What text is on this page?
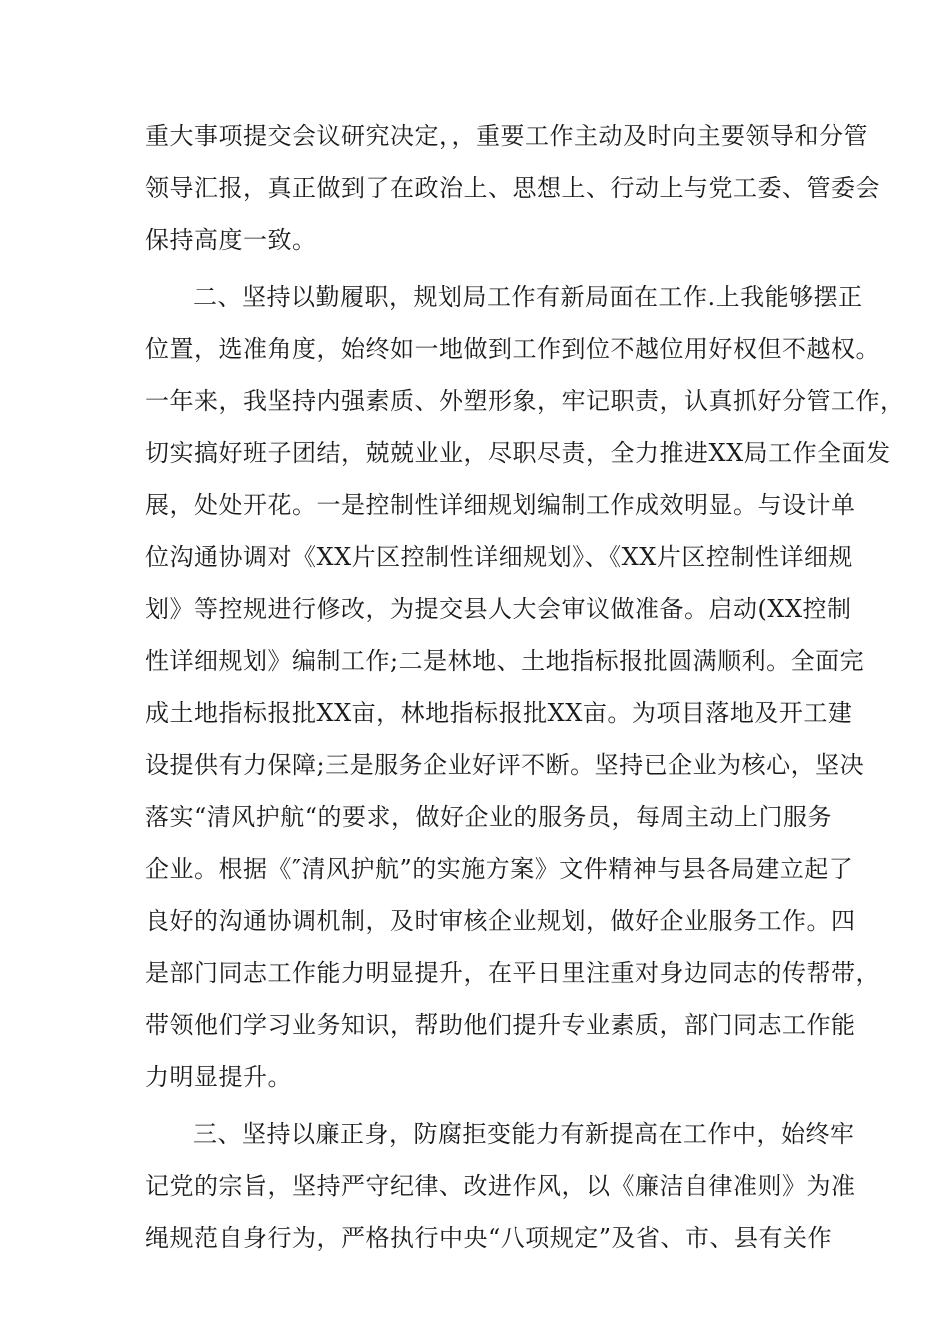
重大事项提交会议研究决定，，重要工作主动及时向主要领导和分管
领导汇报，真正做到了在政治上、思想上、行动上与党工委、管委会
保持高度一致。
二、坚持以勤履职，规划局工作有新局面在工作.上我能够摆正
位置，选准角度，始终如一地做到工作到位不越位用好权但不越权。
一年来，我坚持内强素质、外塑形象，牢记职责，认真抓好分管工作，
切实搞好班子团结，兢兢业业，尽职尽责，全力推进XX局工作全面发
展，处处开花。一是控制性详细规划编制工作成效明显。与设计单
位沟通协调对《XX片区控制性详细规划》、《XX片区控制性详细规
划》等控规进行修改，为提交县人大会审议做准备。启动(XX控制
性详细规划》编制工作;二是林地、土地指标报批圆满顺利。全面完
成土地指标报批XX亩，林地指标报批XX亩。为项目落地及开工建
设提供有力保障;三是服务企业好评不断。坚持已企业为核心，坚决
落实“清风护航“的要求，做好企业的服务员，每周主动上门服务
企业。根据《″清风护航”的实施方案》文件精神与县各局建立起了
良好的沟通协调机制，及时审核企业规划，做好企业服务工作。四
是部门同志工作能力明显提升，在平日里注重对身边同志的传帮带，
带领他们学习业务知识，帮助他们提升专业素质，部门同志工作能
力明显提升。
三、坚持以廉正身，防腐拒变能力有新提高在工作中，始终牢
记党的宗旨，坚持严守纪律、改进作风，以《廉洁自律准则》为准
绳规范自身行为，严格执行中央“八项规定”及省、市、县有关作
